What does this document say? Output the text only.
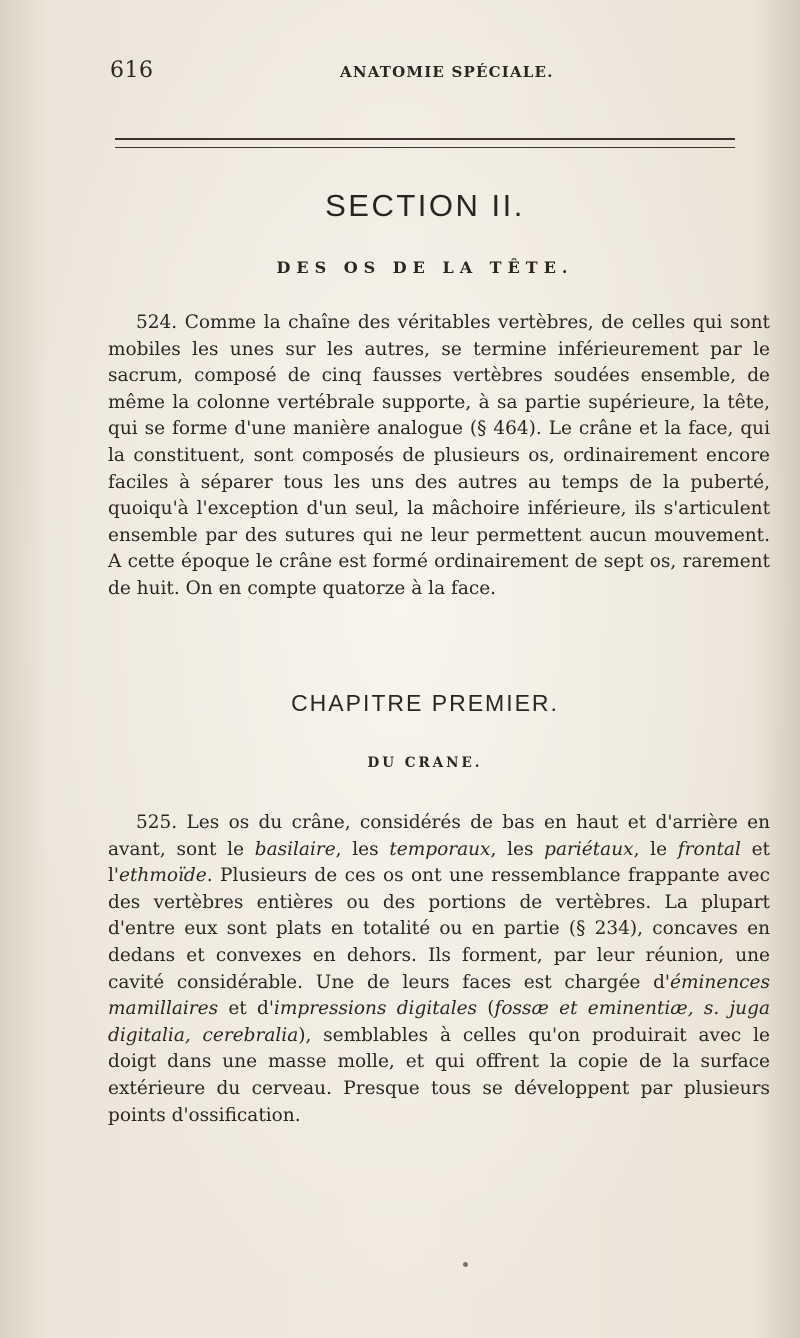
616	ANATOMIE SPÉCIALE.
SECTION II.
DES OS DE LA TÊTE.
524. Comme la chaîne des véritables vertèbres, de celles qui sont mobiles les unes sur les autres, se termine inférieurement par le sacrum, composé de cinq fausses vertèbres soudées ensemble, de même la colonne vertébrale supporte, à sa partie supérieure, la tête, qui se forme d'une manière analogue (§ 464). Le crâne et la face, qui la constituent, sont composés de plusieurs os, ordinairement encore faciles à séparer tous les uns des autres au temps de la puberté, quoiqu'à l'exception d'un seul, la mâchoire inférieure, ils s'articulent ensemble par des sutures qui ne leur permettent aucun mouvement. A cette époque le crâne est formé ordinairement de sept os, rarement de huit. On en compte quatorze à la face.
CHAPITRE PREMIER.
DU CRANE.
525. Les os du crâne, considérés de bas en haut et d'arrière en avant, sont le basilaire, les temporaux, les pariétaux, le frontal et l'ethmoïde. Plusieurs de ces os ont une ressemblance frappante avec des vertèbres entières ou des portions de vertèbres. La plupart d'entre eux sont plats en totalité ou en partie (§ 234), concaves en dedans et convexes en dehors. Ils forment, par leur réunion, une cavité considérable. Une de leurs faces est chargée d'éminences mamillaires et d'impressions digitales (fossæ et eminentiæ, s. juga digitalia, cerebralia), semblables à celles qu'on produirait avec le doigt dans une masse molle, et qui offrent la copie de la surface extérieure du cerveau. Presque tous se développent par plusieurs points d'ossification.
